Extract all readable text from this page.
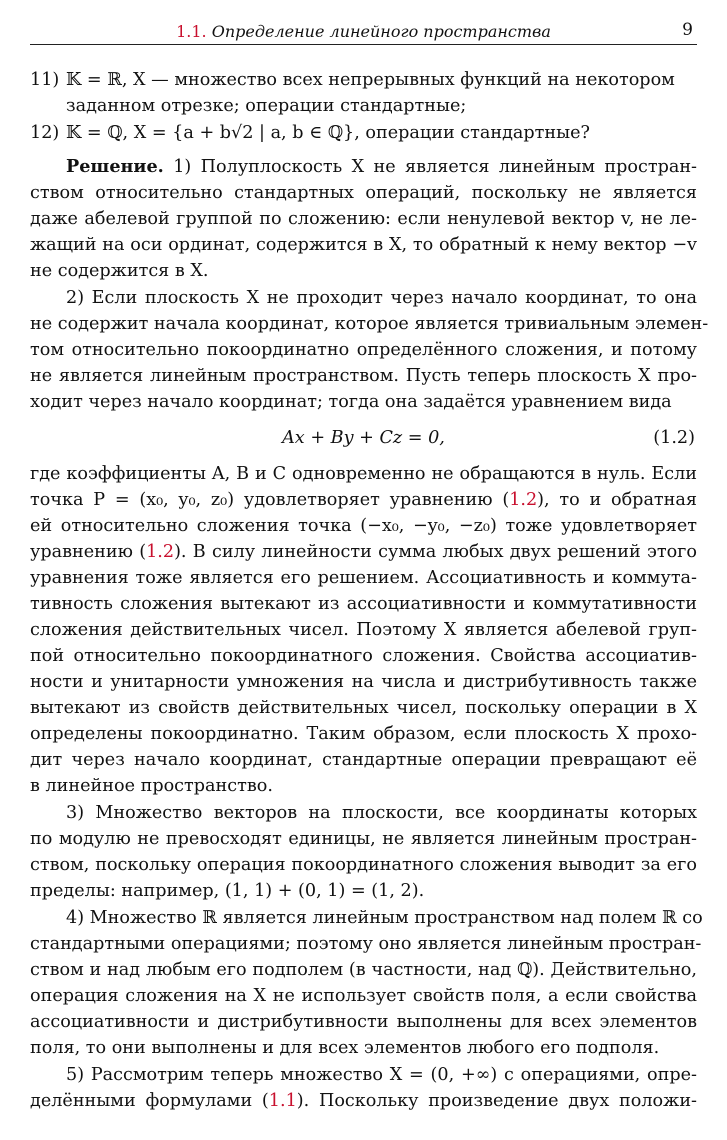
1.1. Определение линейного пространства	9
11) 𝕂 = ℝ, X — множество всех непрерывных функций на некотором
заданном отрезке; операции стандартные;
12) 𝕂 = ℚ, X = {a + b√2 | a, b ∈ ℚ}, операции стандартные?
Решение. 1) Полуплоскость X не является линейным простран-
ством относительно стандартных операций, поскольку не является
даже абелевой группой по сложению: если ненулевой вектор v, не ле-
жащий на оси ординат, содержится в X, то обратный к нему вектор −v
не содержится в X.
2) Если плоскость X не проходит через начало координат, то она
не содержит начала координат, которое является тривиальным элемен-
том относительно покоординатно определённого сложения, и потому
не является линейным пространством. Пусть теперь плоскость X про-
ходит через начало координат; тогда она задаётся уравнением вида
Ax + By + Cz = 0,	(1.2)
где коэффициенты A, B и C одновременно не обращаются в нуль. Если
точка P = (x₀, y₀, z₀) удовлетворяет уравнению (1.2), то и обратная
ей относительно сложения точка (−x₀, −y₀, −z₀) тоже удовлетворяет
уравнению (1.2). В силу линейности сумма любых двух решений этого
уравнения тоже является его решением. Ассоциативность и коммута-
тивность сложения вытекают из ассоциативности и коммутативности
сложения действительных чисел. Поэтому X является абелевой груп-
пой относительно покоординатного сложения. Свойства ассоциатив-
ности и унитарности умножения на числа и дистрибутивность также
вытекают из свойств действительных чисел, поскольку операции в X
определены покоординатно. Таким образом, если плоскость X прохо-
дит через начало координат, стандартные операции превращают её
в линейное пространство.
3) Множество векторов на плоскости, все координаты которых
по модулю не превосходят единицы, не является линейным простран-
ством, поскольку операция покоординатного сложения выводит за его
пределы: например, (1, 1) + (0, 1) = (1, 2).
4) Множество ℝ является линейным пространством над полем ℝ со
стандартными операциями; поэтому оно является линейным простран-
ством и над любым его подполем (в частности, над ℚ). Действительно,
операция сложения на X не использует свойств поля, а если свойства
ассоциативности и дистрибутивности выполнены для всех элементов
поля, то они выполнены и для всех элементов любого его подполя.
5) Рассмотрим теперь множество X = (0, +∞) с операциями, опре-
делёнными формулами (1.1). Поскольку произведение двух положи-
